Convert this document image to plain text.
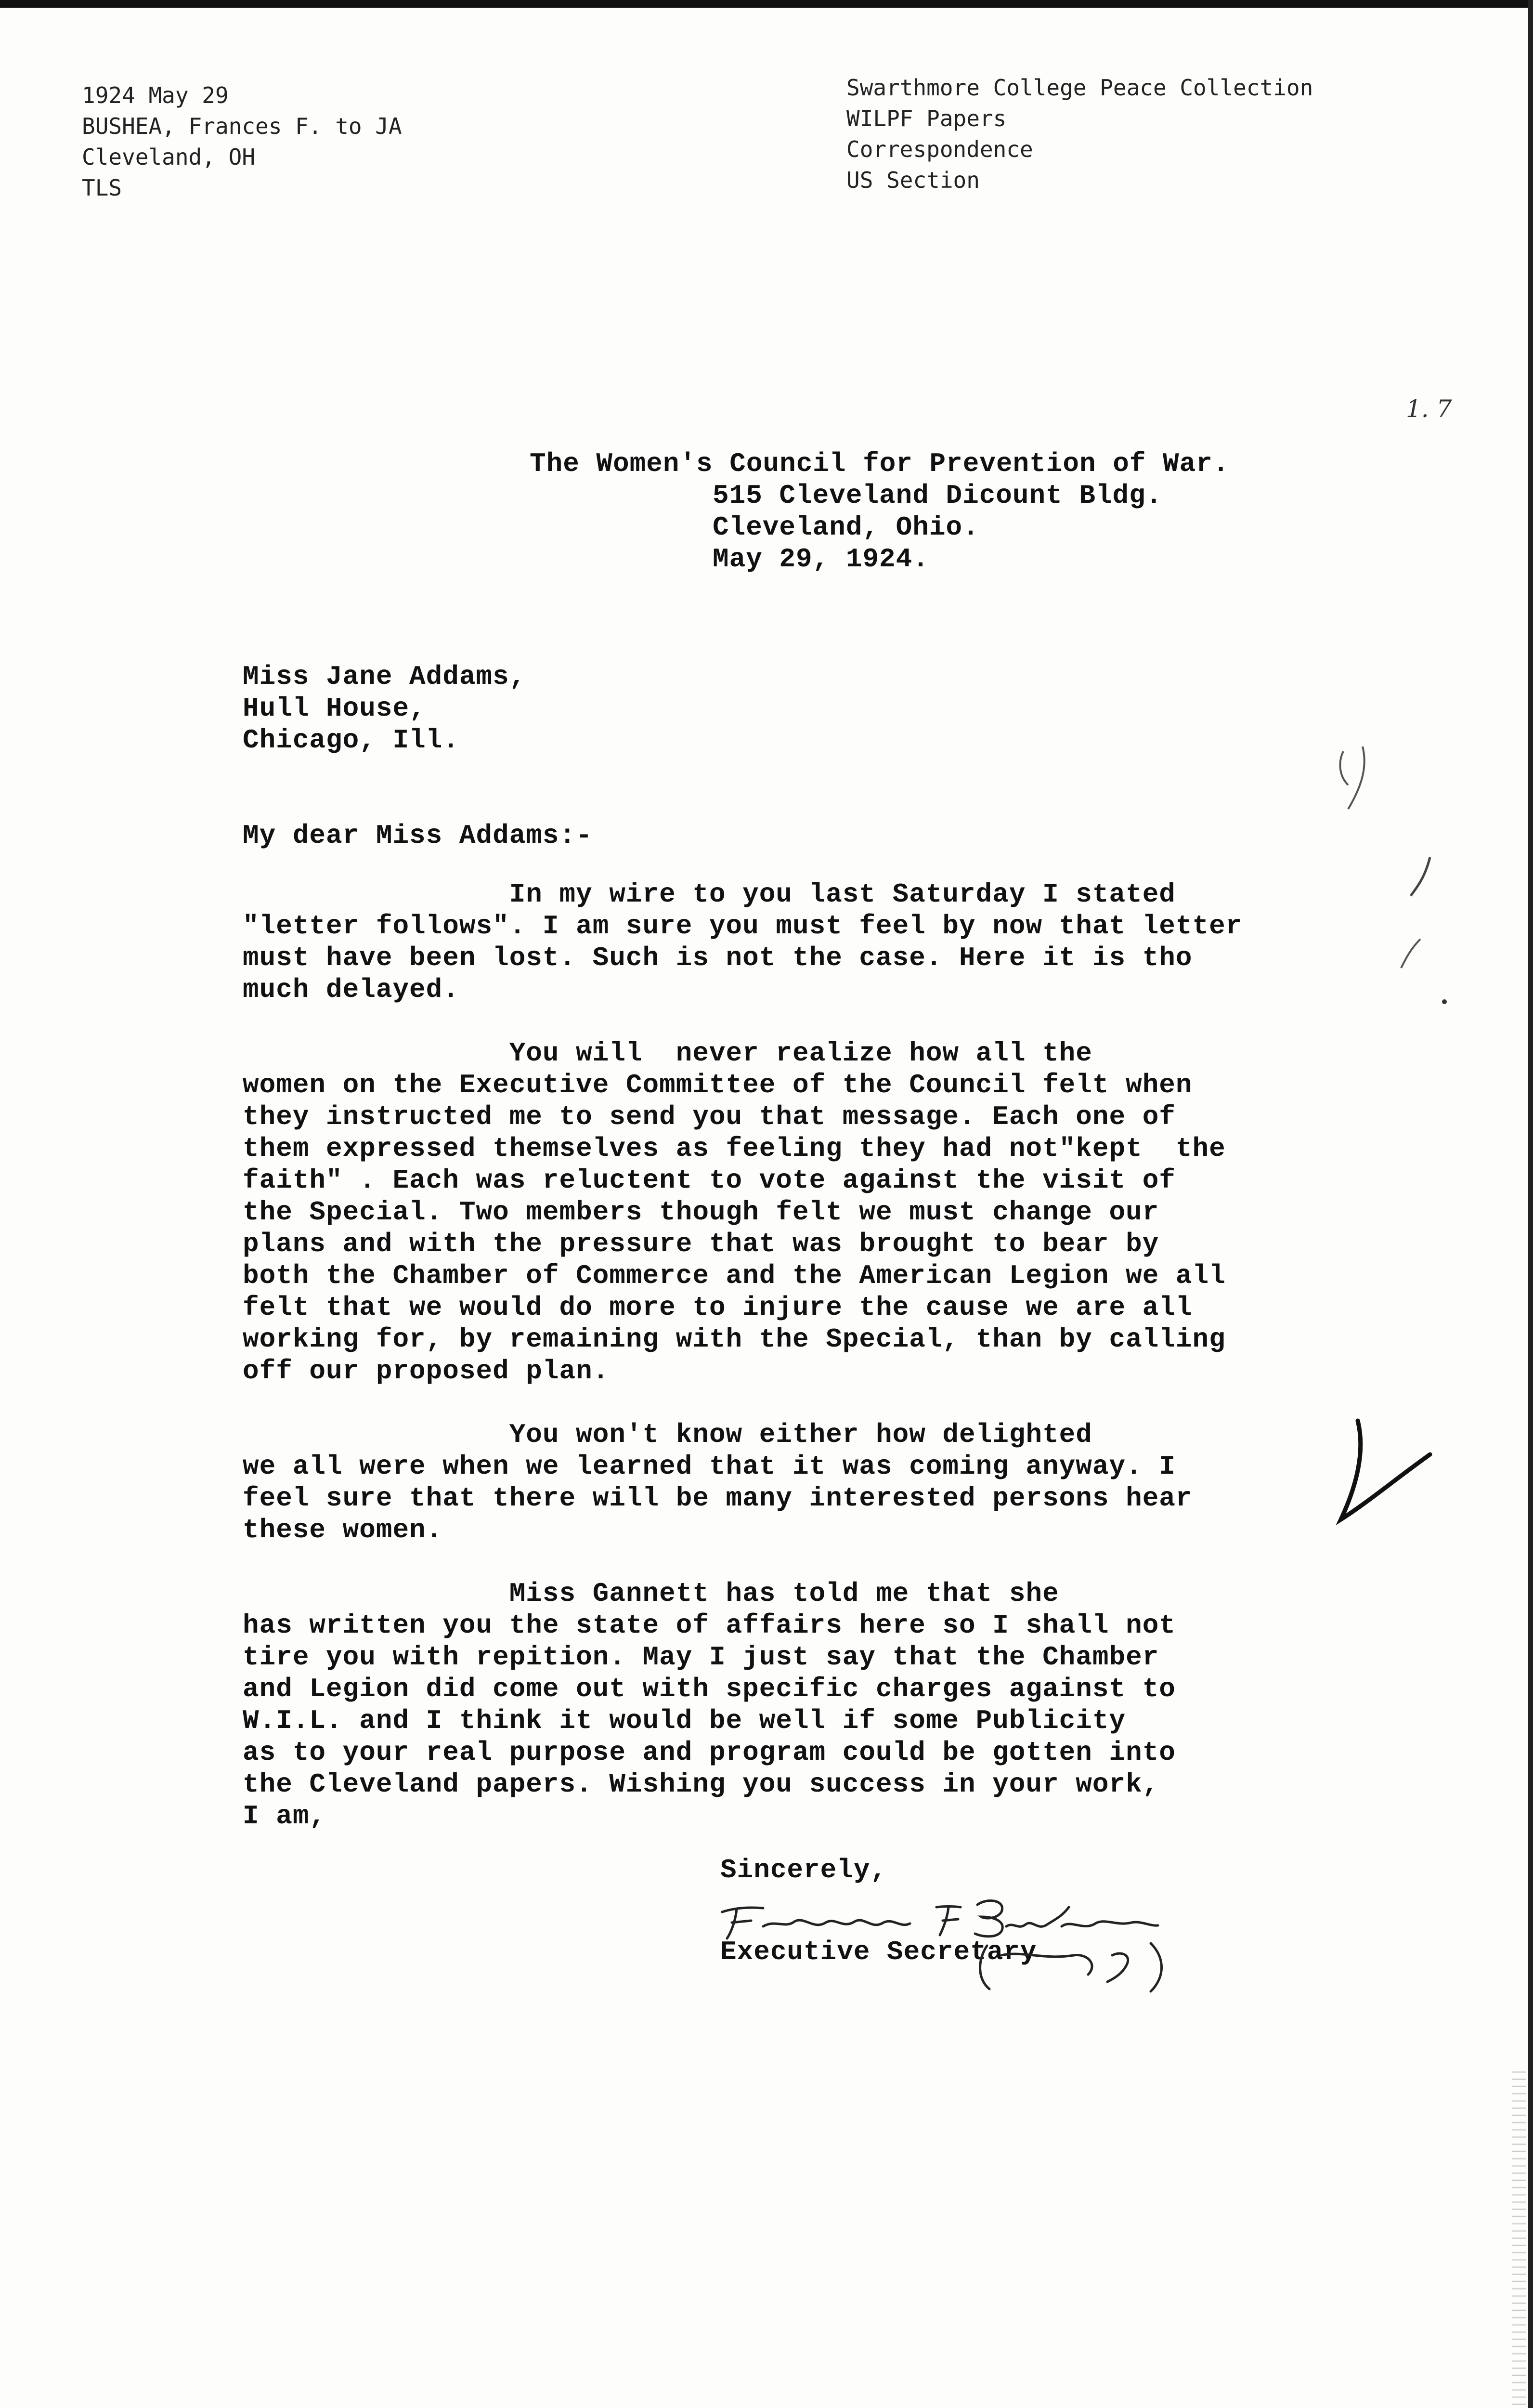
1924 May 29
BUSHEA, Frances F. to JA
Cleveland, OH
TLS
Swarthmore College Peace Collection
WILPF Papers
Correspondence
US Section
1. 7
The Women's Council for Prevention of War.
515 Cleveland Dicount Bldg.
Cleveland, Ohio.
May 29, 1924.
Miss Jane Addams,
Hull House,
Chicago, Ill.
My dear Miss Addams:-
In my wire to you last Saturday I stated
"letter follows". I am sure you must feel by now that letter
must have been lost. Such is not the case. Here it is tho
much delayed.
You will  never realize how all the
women on the Executive Committee of the Council felt when
they instructed me to send you that message. Each one of
them expressed themselves as feeling they had not"kept  the
faith" . Each was reluctent to vote against the visit of
the Special. Two members though felt we must change our
plans and with the pressure that was brought to bear by
both the Chamber of Commerce and the American Legion we all
felt that we would do more to injure the cause we are all
working for, by remaining with the Special, than by calling
off our proposed plan.
You won't know either how delighted
we all were when we learned that it was coming anyway. I
feel sure that there will be many interested persons hear
these women.
Miss Gannett has told me that she
has written you the state of affairs here so I shall not
tire you with repition. May I just say that the Chamber
and Legion did come out with specific charges against to
W.I.L. and I think it would be well if some Publicity
as to your real purpose and program could be gotten into
the Cleveland papers. Wishing you success in your work,
I am,
Sincerely,
Executive Secretary
